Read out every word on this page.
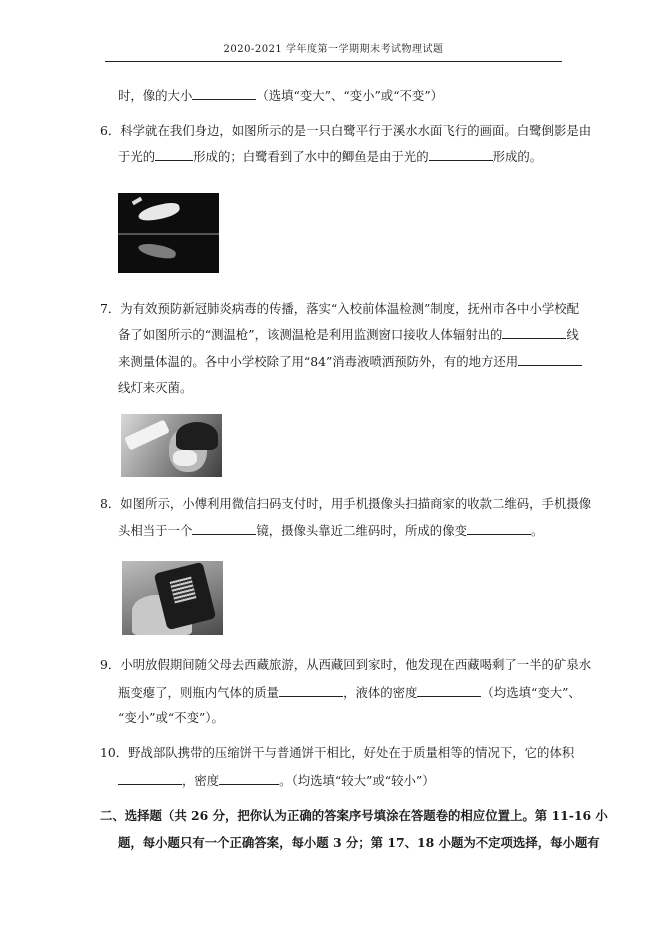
2020-2021 学年度第一学期期末考试物理试题
时，像的大小	（选填“变大”、“变小”或“不变”）
6．科学就在我们身边，如图所示的是一只白鹭平行于溪水水面飞行的画面。白鹭倒影是由
于光的	形成的；白鹭看到了水中的鲫鱼是由于光的	形成的。
7．为有效预防新冠肺炎病毒的传播，落实“入校前体温检测”制度，抚州市各中小学校配
备了如图所示的“测温枪”，该测温枪是利用监测窗口接收人体辐射出的	线
来测量体温的。各中小学校除了用“84”消毒液喷洒预防外，有的地方还用
线灯来灭菌。
8．如图所示，小傅利用微信扫码支付时，用手机摄像头扫描商家的收款二维码，手机摄像
头相当于一个	镜，摄像头靠近二维码时，所成的像变	。
9．小明放假期间随父母去西藏旅游，从西藏回到家时，他发现在西藏喝剩了一半的矿泉水
瓶变瘪了，则瓶内气体的质量	，液体的密度	（均选填“变大”、
“变小”或“不变”）。
10．野战部队携带的压缩饼干与普通饼干相比，好处在于质量相等的情况下，它的体积
，密度	。（均选填“较大”或“较小”）
二、选择题（共 26 分，把你认为正确的答案序号填涂在答题卷的相应位置上。第 11-16 小
题，每小题只有一个正确答案，每小题 3 分；第 17、18 小题为不定项选择，每小题有
